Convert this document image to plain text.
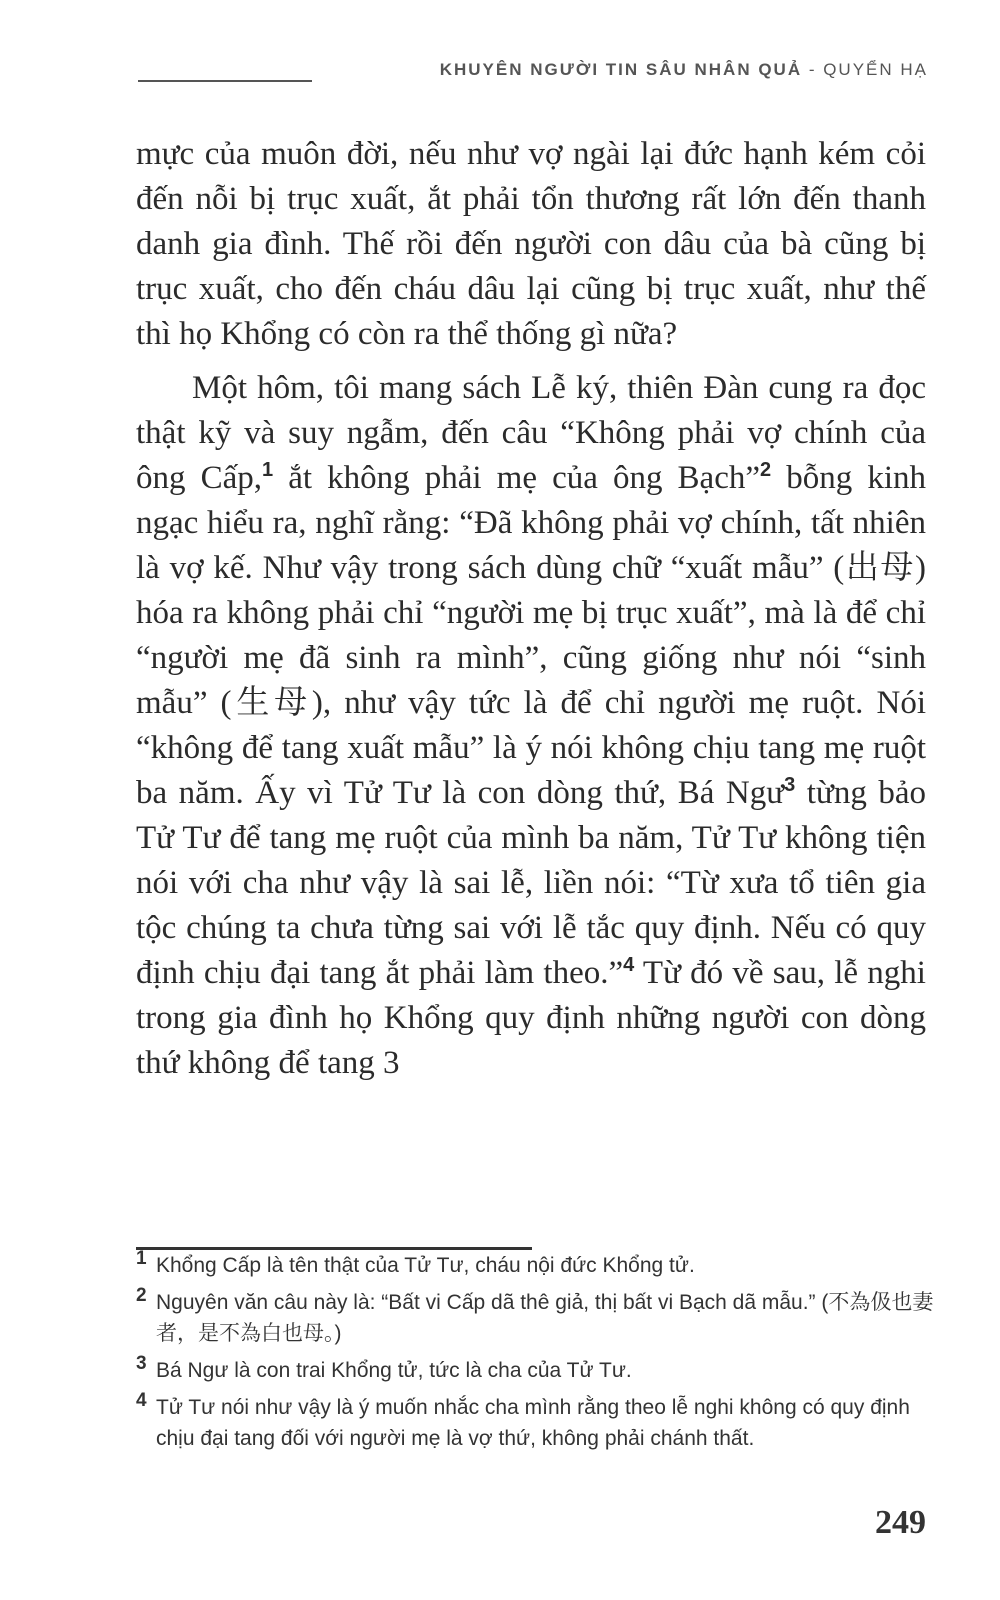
KHUYÊN NGƯỜI TIN SÂU NHÂN QUẢ - QUYỂN HẠ

mực của muôn đời, nếu như vợ ngài lại đức hạnh kém cỏi đến nỗi bị trục xuất, ắt phải tổn thương rất lớn đến thanh danh gia đình. Thế rồi đến người con dâu của bà cũng bị trục xuất, cho đến cháu dâu lại cũng bị trục xuất, như thế thì họ Khổng có còn ra thể thống gì nữa?

Một hôm, tôi mang sách Lễ ký, thiên Đàn cung ra đọc thật kỹ và suy ngẫm, đến câu “Không phải vợ chính của ông Cấp,$^1$ ắt không phải mẹ của ông Bạch”$^2$ bỗng kinh ngạc hiểu ra, nghĩ rằng: “Đã không phải vợ chính, tất nhiên là vợ kế. Như vậy trong sách dùng chữ “xuất mẫu” (出母) hóa ra không phải chỉ “người mẹ bị trục xuất”, mà là để chỉ “người mẹ đã sinh ra mình”, cũng giống như nói “sinh mẫu” (生母), như vậy tức là để chỉ người mẹ ruột. Nói “không để tang xuất mẫu” là ý nói không chịu tang mẹ ruột ba năm. Ấy vì Tử Tư là con dòng thứ, Bá Ngư$^3$ từng bảo Tử Tư để tang mẹ ruột của mình ba năm, Tử Tư không tiện nói với cha như vậy là sai lễ, liền nói: “Từ xưa tổ tiên gia tộc chúng ta chưa từng sai với lễ tắc quy định. Nếu có quy định chịu đại tang ắt phải làm theo.”$^4$ Từ đó về sau, lễ nghi trong gia đình họ Khổng quy định những người con dòng thứ không để tang 3

1 Khổng Cấp là tên thật của Tử Tư, cháu nội đức Khổng tử.
2 Nguyên văn câu này là: “Bất vi Cấp dã thê giả, thị bất vi Bạch dã mẫu.” (不為伋也妻者，是不為白也母。)
3 Bá Ngư là con trai Khổng tử, tức là cha của Tử Tư.
4 Tử Tư nói như vậy là ý muốn nhắc cha mình rằng theo lễ nghi không có quy định chịu đại tang đối với người mẹ là vợ thứ, không phải chánh thất.
249
